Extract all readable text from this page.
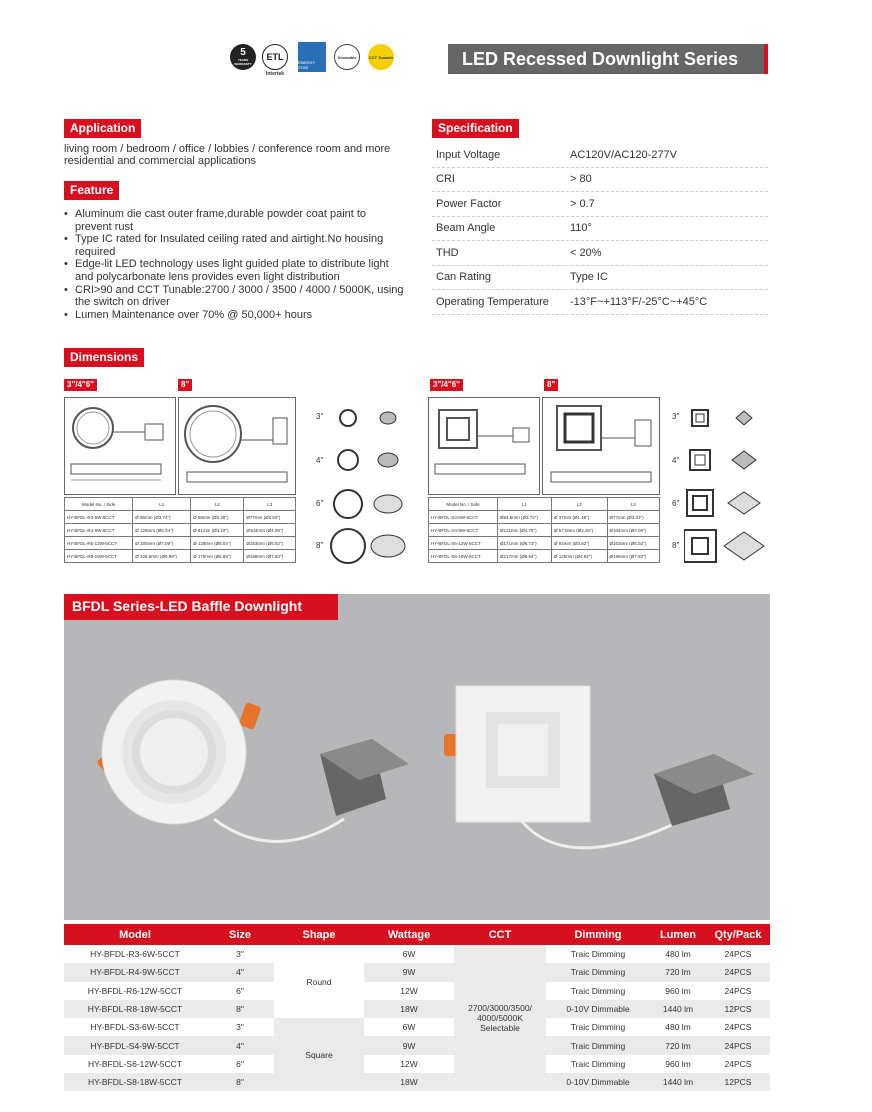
5
YEARS WARRANTY
ETL
Intertek
ENERGY STAR
Dimmable	CCT Tunable	LED Recessed Downlight Series
Application
living room / bedroom / office / lobbies / conference room and more residential and commercial applications
Feature
• Aluminum die cast outer frame,durable powder coat paint to prevent rust
• Type IC rated for Insulated ceiling rated and airtight.No housing required
• Edge-lit LED technology uses light guided plate to distribute light and polycarbonate lens provides even light distribution
• CRI>90 and CCT Tunable:2700 / 3000 / 3500 / 4000 / 5000K, using the switch on driver
• Lumen Maintenance over 70% @ 50,000+ hours
Specification
Input Voltage	AC120V/AC120-277V
CRI	> 80
Power Factor	> 0.7
Beam Angle	110°
THD	< 20%
Can Rating	Type IC
Operating Temperature	-13°F~+113°F/-25°C~+45°C
Dimensions
3"/4"6"	8"
Model No. / Side	L1	L2	L3
HY-BFDL-R3-6W-5CCT	Ø 95mm (Ø3.74")	Ø 58mm (Ø2.28")	Ø77mm (Ø3.03")
HY-BFDL-R4-9W-5CCT	Ø 128mm (Ø5.04")	Ø 81mm (Ø3.19")	Ø104mm (Ø4.09")
HY-BFDL-R6-12W-5CCT	Ø 180mm (Ø7.09")	Ø 128mm (Ø5.04")	Ø153mm (Ø6.02")
HY-BFDL-R8-18W-5CCT	Ø 228.5mm (Ø8.99")	Ø 175mm (Ø6.89")	Ø199mm (Ø7.83")
3"
4"
6"
8"
3"/4"6"	8"
Model No. / Side	L1	L2	L3
HY-BFDL-S3-6W-5CCT	Ø94.5mm (Ø3.72")	Ø 37mm (Ø1.46")	Ø77mm (Ø3.03")
HY-BFDL-S4-9W-5CCT	Ø121mm (Ø4.76")	Ø 57.5mm (Ø2.26")	Ø104mm (Ø4.09")
HY-BFDL-S6-12W-5CCT	Ø171mm (Ø6.73")	Ø 92mm (Ø3.62")	Ø153mm (Ø6.02")
HY-BFDL-S8-18W-5CCT	Ø217mm (Ø8.54")	Ø 125mm (Ø4.92")	Ø199mm (Ø7.83")
3"
4"
6"
8"
BFDL Series-LED Baffle Downlight
Model	Size	Shape	Wattage	CCT	Dimming	Lumen	Qty/Pack
HY-BFDL-R3-6W-5CCT	3"	Round	6W	2700/3000/3500/ 4000/5000K Selectable	Traic Dimming	480 lm	24PCS
HY-BFDL-R4-9W-5CCT	4"		9W		Traic Dimming	720 lm	24PCS
HY-BFDL-R6-12W-5CCT	6"		12W		Traic Dimming	960 lm	24PCS
HY-BFDL-R8-18W-5CCT	8"		18W		0-10V Dimmable	1440 lm	12PCS
HY-BFDL-S3-6W-5CCT	3"	Square	6W		Traic Dimming	480 lm	24PCS
HY-BFDL-S4-9W-5CCT	4"		9W		Traic Dimming	720 lm	24PCS
HY-BFDL-S6-12W-5CCT	6"		12W		Traic Dimming	960 lm	24PCS
HY-BFDL-S8-18W-5CCT	8"		18W		0-10V Dimmable	1440 lm	12PCS
